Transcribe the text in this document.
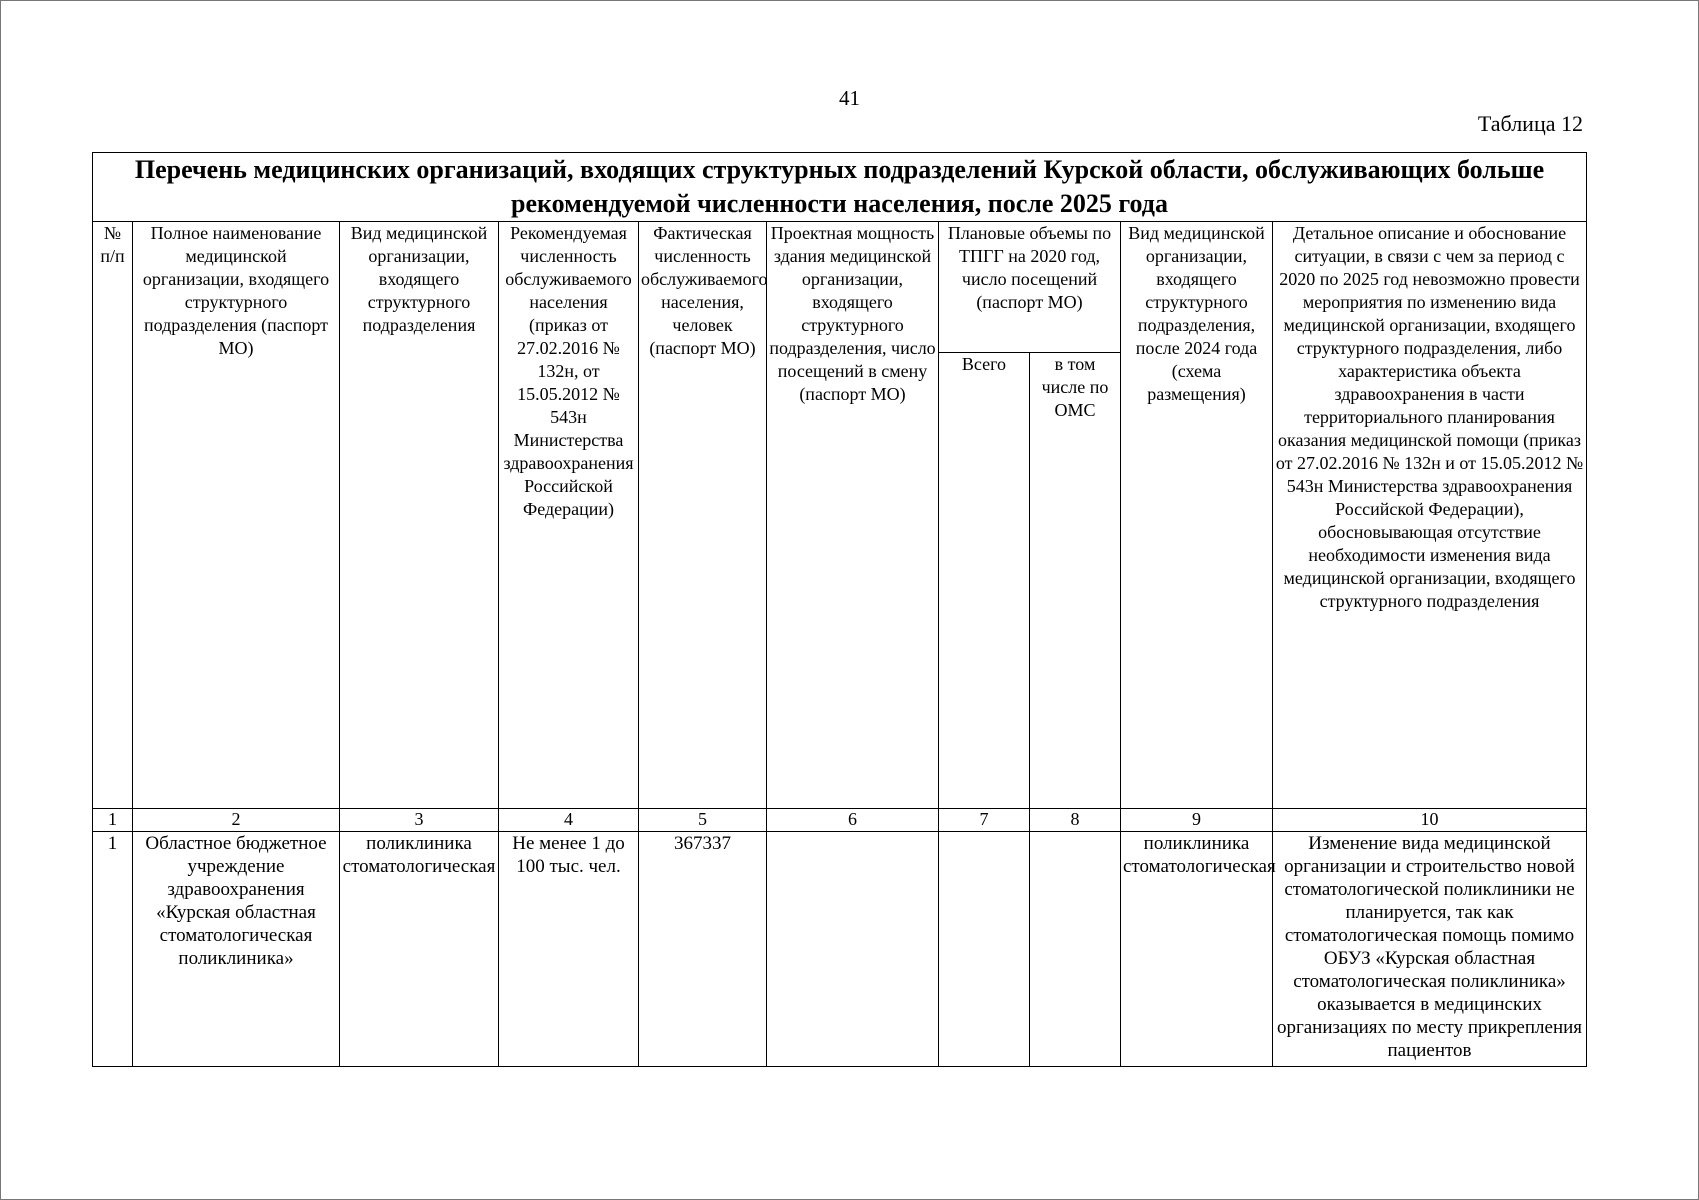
41
Таблица 12
Перечень медицинских организаций, входящих структурных подразделений Курской области, обслуживающих больше рекомендуемой численности населения, после 2025 года									
№ п/п	Полное наименование медицинской организации, входящего структурного подразделения (паспорт МО)	Вид медицинской организации, входящего структурного подразделения	Рекомендуемая численность обслуживаемого населения (приказ от 27.02.2016 № 132н, от 15.05.2012 № 543н Министерства здравоохранения Российской Федерации)	Фактическая численность обслуживаемого населения, человек (паспорт МО)	Проектная мощность здания медицинской организации, входящего структурного подразделения, число посещений в смену (паспорт МО)	Плановые объемы по ТПГГ на 2020 год, число посещений (паспорт МО)		Вид медицинской организации, входящего структурного подразделения, после 2024 года (схема размещения)	Детальное описание и обоснование ситуации, в связи с чем за период с 2020 по 2025 год невозможно провести мероприятия по изменению вида медицинской организации, входящего структурного подразделения, либо характеристика объекта здравоохранения в части территориального планирования оказания медицинской помощи (приказ от 27.02.2016 № 132н и от 15.05.2012 № 543н Министерства здравоохранения Российской Федерации), обосновывающая отсутствие необходимости изменения вида медицинской организации, входящего структурного подразделения
						Всего	в том числе по ОМС		
1	2	3	4	5	6	7	8	9	10
1	Областное бюджетное учреждение здравоохранения «Курская областная стоматологическая поликлиника»	поликлиника стоматологическая	Не менее 1 до 100 тыс. чел.	367337				поликлиника стоматологическая	Изменение вида медицинской организации и строительство новой стоматологической поликлиники не планируется, так как стоматологическая помощь помимо ОБУЗ «Курская областная стоматологическая поликлиника» оказывается в медицинских организациях по месту прикрепления пациентов
